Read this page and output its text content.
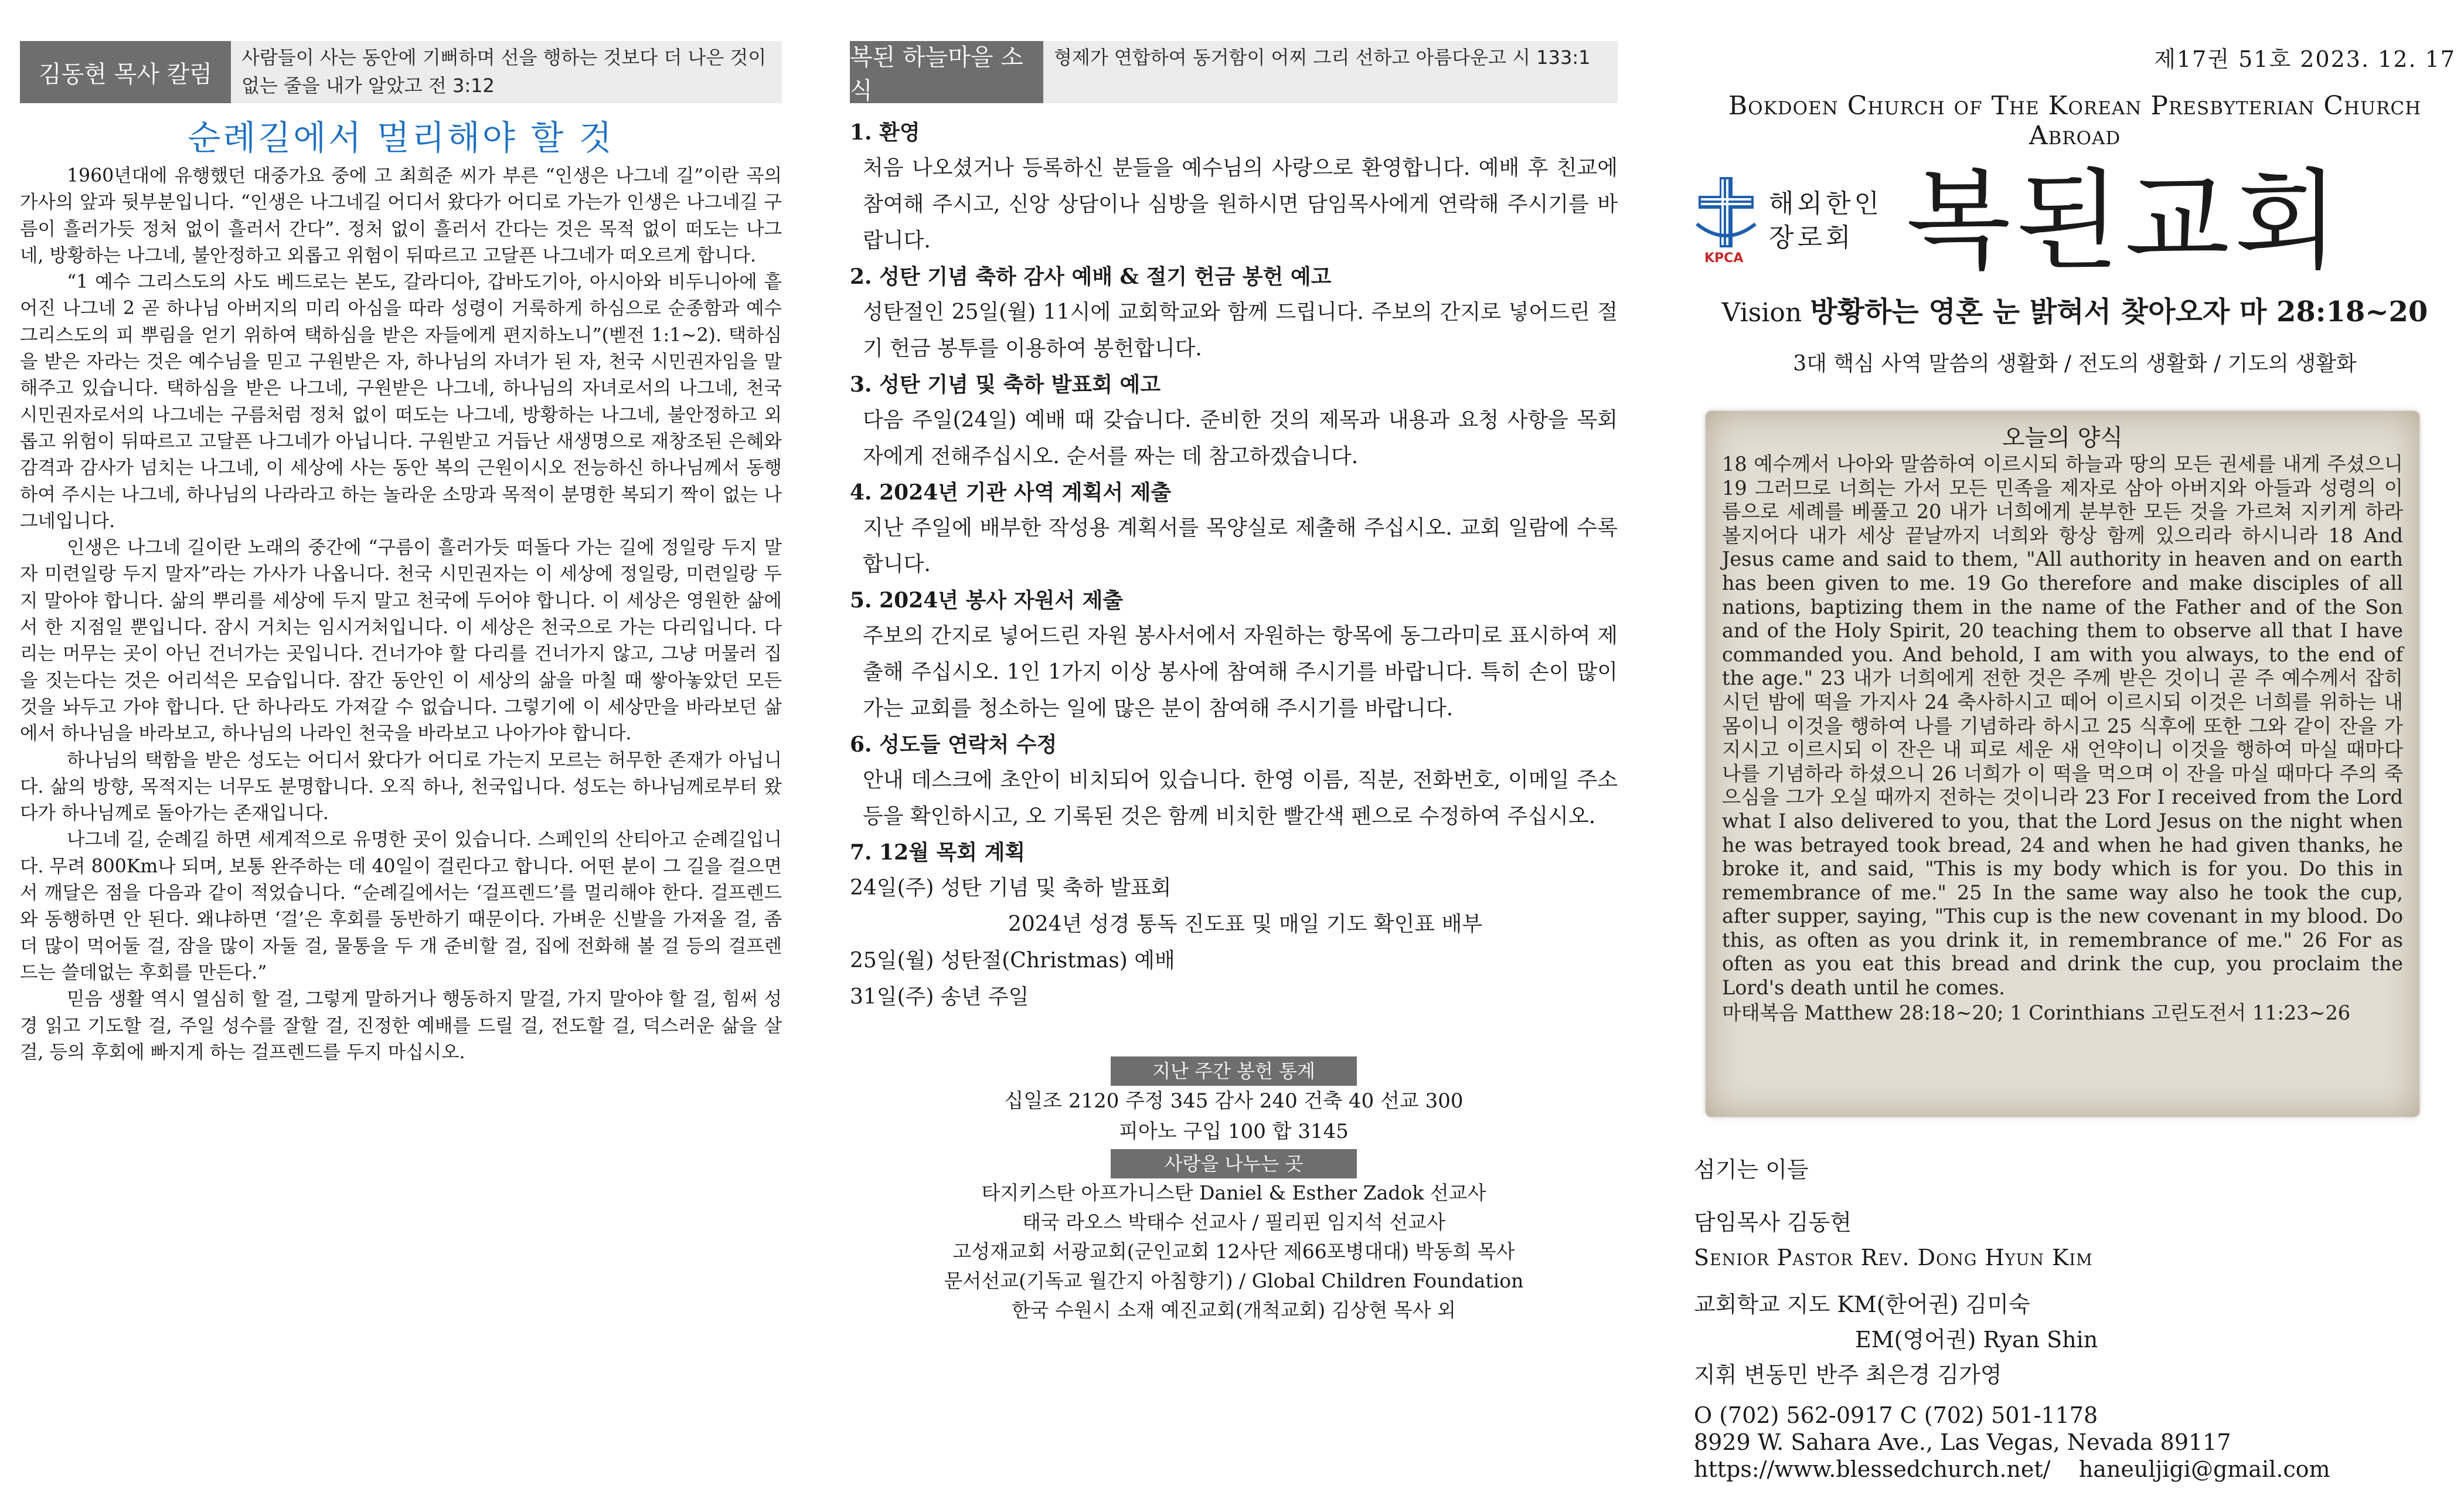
김동현 목사 칼럼
사람들이 사는 동안에 기뻐하며 선을 행하는 것보다 더 나은 것이 없는 줄을 내가 알았고 전 3:12
순례길에서 멀리해야 할 것

1960년대에 유행했던 대중가요 중에 고 최희준 씨가 부른 “인생은 나그네 길”이란 곡의 가사의 앞과 뒷부분입니다. “인생은 나그네길 어디서 왔다가 어디로 가는가 인생은 나그네길 구름이 흘러가듯 정처 없이 흘러서 간다”. 정처 없이 흘러서 간다는 것은 목적 없이 떠도는 나그네, 방황하는 나그네, 불안정하고 외롭고 위험이 뒤따르고 고달픈 나그네가 떠오르게 합니다.

“1 예수 그리스도의 사도 베드로는 본도, 갈라디아, 갑바도기아, 아시아와 비두니아에 흩어진 나그네 2 곧 하나님 아버지의 미리 아심을 따라 성령이 거룩하게 하심으로 순종함과 예수 그리스도의 피 뿌림을 얻기 위하여 택하심을 받은 자들에게 편지하노니”(벧전 1:1~2). 택하심을 받은 자라는 것은 예수님을 믿고 구원받은 자, 하나님의 자녀가 된 자, 천국 시민권자임을 말해주고 있습니다. 택하심을 받은 나그네, 구원받은 나그네, 하나님의 자녀로서의 나그네, 천국 시민권자로서의 나그네는 구름처럼 정처 없이 떠도는 나그네, 방황하는 나그네, 불안정하고 외롭고 위험이 뒤따르고 고달픈 나그네가 아닙니다. 구원받고 거듭난 새생명으로 재창조된 은혜와 감격과 감사가 넘치는 나그네, 이 세상에 사는 동안 복의 근원이시오 전능하신 하나님께서 동행하여 주시는 나그네, 하나님의 나라라고 하는 놀라운 소망과 목적이 분명한 복되기 짝이 없는 나그네입니다.

인생은 나그네 길이란 노래의 중간에 “구름이 흘러가듯 떠돌다 가는 길에 정일랑 두지 말자 미련일랑 두지 말자”라는 가사가 나옵니다. 천국 시민권자는 이 세상에 정일랑, 미련일랑 두지 말아야 합니다. 삶의 뿌리를 세상에 두지 말고 천국에 두어야 합니다. 이 세상은 영원한 삶에서 한 지점일 뿐입니다. 잠시 거치는 임시거처입니다. 이 세상은 천국으로 가는 다리입니다. 다리는 머무는 곳이 아닌 건너가는 곳입니다. 건너가야 할 다리를 건너가지 않고, 그냥 머물러 집을 짓는다는 것은 어리석은 모습입니다. 잠간 동안인 이 세상의 삶을 마칠 때 쌓아놓았던 모든 것을 놔두고 가야 합니다. 단 하나라도 가져갈 수 없습니다. 그렇기에 이 세상만을 바라보던 삶에서 하나님을 바라보고, 하나님의 나라인 천국을 바라보고 나아가야 합니다.

하나님의 택함을 받은 성도는 어디서 왔다가 어디로 가는지 모르는 허무한 존재가 아닙니다. 삶의 방향, 목적지는 너무도 분명합니다. 오직 하나, 천국입니다. 성도는 하나님께로부터 왔다가 하나님께로 돌아가는 존재입니다.

나그네 길, 순례길 하면 세계적으로 유명한 곳이 있습니다. 스페인의 산티아고 순례길입니다. 무려 800Km나 되며, 보통 완주하는 데 40일이 걸린다고 합니다. 어떤 분이 그 길을 걸으면서 깨달은 점을 다음과 같이 적었습니다. “순례길에서는 ‘걸프렌드’를 멀리해야 한다. 걸프렌드와 동행하면 안 된다. 왜냐하면 ‘걸’은 후회를 동반하기 때문이다. 가벼운 신발을 가져올 걸, 좀 더 많이 먹어둘 걸, 잠을 많이 자둘 걸, 물통을 두 개 준비할 걸, 집에 전화해 볼 걸 등의 걸프렌드는 쓸데없는 후회를 만든다.”

믿음 생활 역시 열심히 할 걸, 그렇게 말하거나 행동하지 말걸, 가지 말아야 할 걸, 힘써 성경 읽고 기도할 걸, 주일 성수를 잘할 걸, 진정한 예배를 드릴 걸, 전도할 걸, 덕스러운 삶을 살걸, 등의 후회에 빠지게 하는 걸프렌드를 두지 마십시오.

복된 하늘마을 소식
형제가 연합하여 동거함이 어찌 그리 선하고 아름다운고 시 133:1

1. 환영

처음 나오셨거나 등록하신 분들을 예수님의 사랑으로 환영합니다. 예배 후 친교에 참여해 주시고, 신앙 상담이나 심방을 원하시면 담임목사에게 연락해 주시기를 바랍니다.

2. 성탄 기념 축하 감사 예배 & 절기 헌금 봉헌 예고

성탄절인 25일(월) 11시에 교회학교와 함께 드립니다. 주보의 간지로 넣어드린 절기 헌금 봉투를 이용하여 봉헌합니다.

3. 성탄 기념 및 축하 발표회 예고

다음 주일(24일) 예배 때 갖습니다. 준비한 것의 제목과 내용과 요청 사항을 목회자에게 전해주십시오. 순서를 짜는 데 참고하겠습니다.

4. 2024년 기관 사역 계획서 제출

지난 주일에 배부한 작성용 계획서를 목양실로 제출해 주십시오. 교회 일람에 수록합니다.

5. 2024년 봉사 자원서 제출

주보의 간지로 넣어드린 자원 봉사서에서 자원하는 항목에 동그라미로 표시하여 제출해 주십시오. 1인 1가지 이상 봉사에 참여해 주시기를 바랍니다. 특히 손이 많이 가는 교회를 청소하는 일에 많은 분이 참여해 주시기를 바랍니다.

6. 성도들 연락처 수정

안내 데스크에 초안이 비치되어 있습니다. 한영 이름, 직분, 전화번호, 이메일 주소 등을 확인하시고, 오 기록된 것은 함께 비치한 빨간색 펜으로 수정하여 주십시오.

7. 12월 목회 계획

24일(주) 성탄 기념 및 축하 발표회
2024년 성경 통독 진도표 및 매일 기도 확인표 배부
25일(월) 성탄절(Christmas) 예배
31일(주) 송년 주일
지난 주간 봉헌 통계

십일조 2120 주정 345 감사 240 건축 40 선교 300

피아노 구입 100 합 3145

사랑을 나누는 곳

타지키스탄 아프가니스탄 Daniel & Esther Zadok 선교사

태국 라오스 박태수 선교사 / 필리핀 임지석 선교사

고성재교회 서광교회(군인교회 12사단 제66포병대대) 박동희 목사

문서선교(기독교 월간지 아침향기) / Global Children Foundation

한국 수원시 소재 예진교회(개척교회) 김상현 목사 외

제17권 51호 2023. 12. 17
Bokdoen Church of The Korean Presbyterian Church Abroad
KPCA
해외한인
장로회 복된교회
Vision 방황하는 영혼 눈 밝혀서 찾아오자 마 28:18~20
3대 핵심 사역 말씀의 생활화 / 전도의 생활화 / 기도의 생활화

오늘의 양식

18 예수께서 나아와 말씀하여 이르시되 하늘과 땅의 모든 권세를 내게 주셨으니 19 그러므로 너희는 가서 모든 민족을 제자로 삼아 아버지와 아들과 성령의 이름으로 세례를 베풀고 20 내가 너희에게 분부한 모든 것을 가르쳐 지키게 하라 볼지어다 내가 세상 끝날까지 너희와 항상 함께 있으리라 하시니라 18 And Jesus came and said to them, "All authority in heaven and on earth has been given to me. 19 Go therefore and make disciples of all nations, baptizing them in the name of the Father and of the Son and of the Holy Spirit, 20 teaching them to observe all that I have commanded you. And behold, I am with you always, to the end of the age." 23 내가 너희에게 전한 것은 주께 받은 것이니 곧 주 예수께서 잡히시던 밤에 떡을 가지사 24 축사하시고 떼어 이르시되 이것은 너희를 위하는 내 몸이니 이것을 행하여 나를 기념하라 하시고 25 식후에 또한 그와 같이 잔을 가지시고 이르시되 이 잔은 내 피로 세운 새 언약이니 이것을 행하여 마실 때마다 나를 기념하라 하셨으니 26 너희가 이 떡을 먹으며 이 잔을 마실 때마다 주의 죽으심을 그가 오실 때까지 전하는 것이니라 23 For I received from the Lord what I also delivered to you, that the Lord Jesus on the night when he was betrayed took bread, 24 and when he had given thanks, he broke it, and said, "This is my body which is for you. Do this in remembrance of me." 25 In the same way also he took the cup, after supper, saying, "This cup is the new covenant in my blood. Do this, as often as you drink it, in remembrance of me." 26 For as often as you eat this bread and drink the cup, you proclaim the Lord's death until he comes.

마태복음 Matthew 28:18~20; 1 Corinthians 고린도전서 11:23~26

섬기는 이들

담임목사 김동현

Senior Pastor Rev. Dong Hyun Kim

교회학교 지도 KM(한어권) 김미숙

EM(영어권) Ryan Shin

지휘 변동민 반주 최은경 김가영

O (702) 562-0917 C (702) 501-1178

8929 W. Sahara Ave., Las Vegas, Nevada 89117

https://www.blessedchurch.net/ haneuljigi@gmail.com
